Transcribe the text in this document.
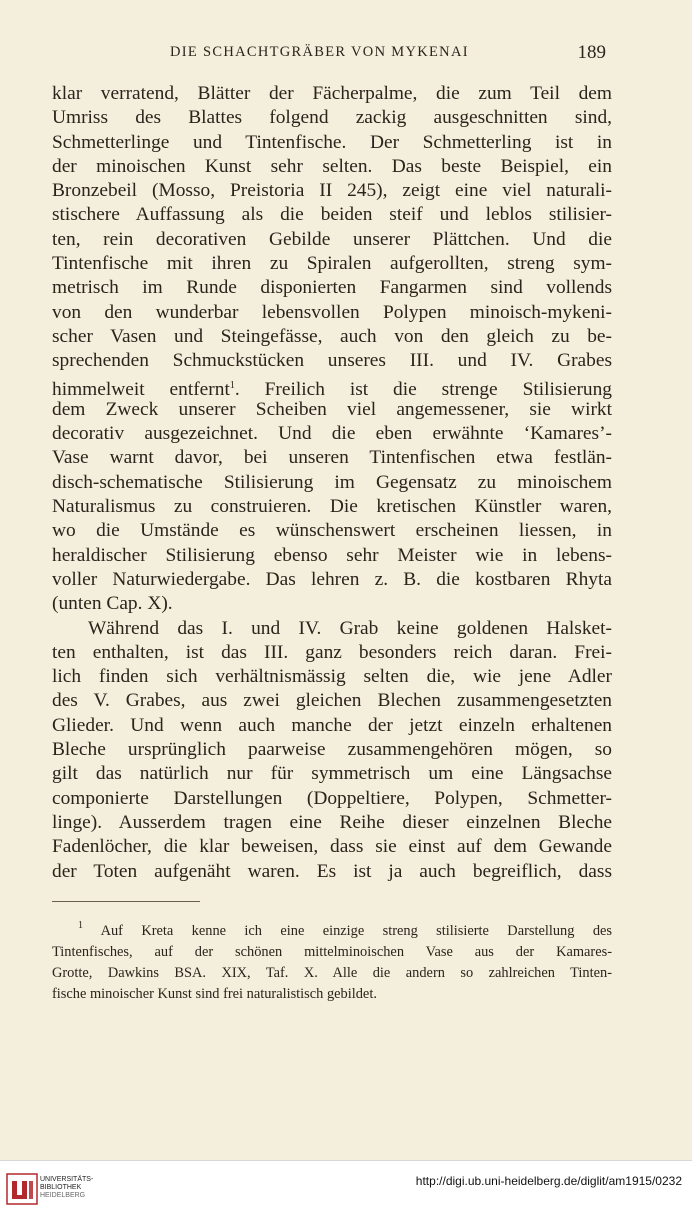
DIE SCHACHTGRÄBER VON MYKENAI	189
klar verratend, Blätter der Fächerpalme, die zum Teil dem
Umriss des Blattes folgend zackig ausgeschnitten sind,
Schmetterlinge und Tintenfische. Der Schmetterling ist in
der minoischen Kunst sehr selten. Das beste Beispiel, ein
Bronzebeil (Mosso, Preistoria II 245), zeigt eine viel naturali-
stischere Auffassung als die beiden steif und leblos stilisier-
ten, rein decorativen Gebilde unserer Plättchen. Und die
Tintenfische mit ihren zu Spiralen aufgerollten, streng sym-
metrisch im Runde disponierten Fangarmen sind vollends
von den wunderbar lebensvollen Polypen minoisch-mykeni-
scher Vasen und Steingefässe, auch von den gleich zu be-
sprechenden Schmuckstücken unseres III. und IV. Grabes
himmelweit entfernt$^1$. Freilich ist die strenge Stilisierung
dem Zweck unserer Scheiben viel angemessener, sie wirkt
decorativ ausgezeichnet. Und die eben erwähnte ‘Kamares’-
Vase warnt davor, bei unseren Tintenfischen etwa festlän-
disch-schematische Stilisierung im Gegensatz zu minoischem
Naturalismus zu construieren. Die kretischen Künstler waren,
wo die Umstände es wünschenswert erscheinen liessen, in
heraldischer Stilisierung ebenso sehr Meister wie in lebens-
voller Naturwiedergabe. Das lehren z. B. die kostbaren Rhyta
(unten Cap. X).
Während das I. und IV. Grab keine goldenen Halsket-
ten enthalten, ist das III. ganz besonders reich daran. Frei-
lich finden sich verhältnismässig selten die, wie jene Adler
des V. Grabes, aus zwei gleichen Blechen zusammengesetzten
Glieder. Und wenn auch manche der jetzt einzeln erhaltenen
Bleche ursprünglich paarweise zusammengehören mögen, so
gilt das natürlich nur für symmetrisch um eine Längsachse
componierte Darstellungen (Doppeltiere, Polypen, Schmetter-
linge). Ausserdem tragen eine Reihe dieser einzelnen Bleche
Fadenlöcher, die klar beweisen, dass sie einst auf dem Gewande
der Toten aufgenäht waren. Es ist ja auch begreiflich, dass
$^1$ Auf Kreta kenne ich eine einzige streng stilisierte Darstellung des
Tintenfisches, auf der schönen mittelminoischen Vase aus der Kamares-
Grotte, Dawkins BSA. XIX, Taf. X. Alle die andern so zahlreichen Tinten-
fische minoischer Kunst sind frei naturalistisch gebildet.
UNIVERSITÄTS-
BIBLIOTHEK
HEIDELBERG
http://digi.ub.uni-heidelberg.de/diglit/am1915/0232
